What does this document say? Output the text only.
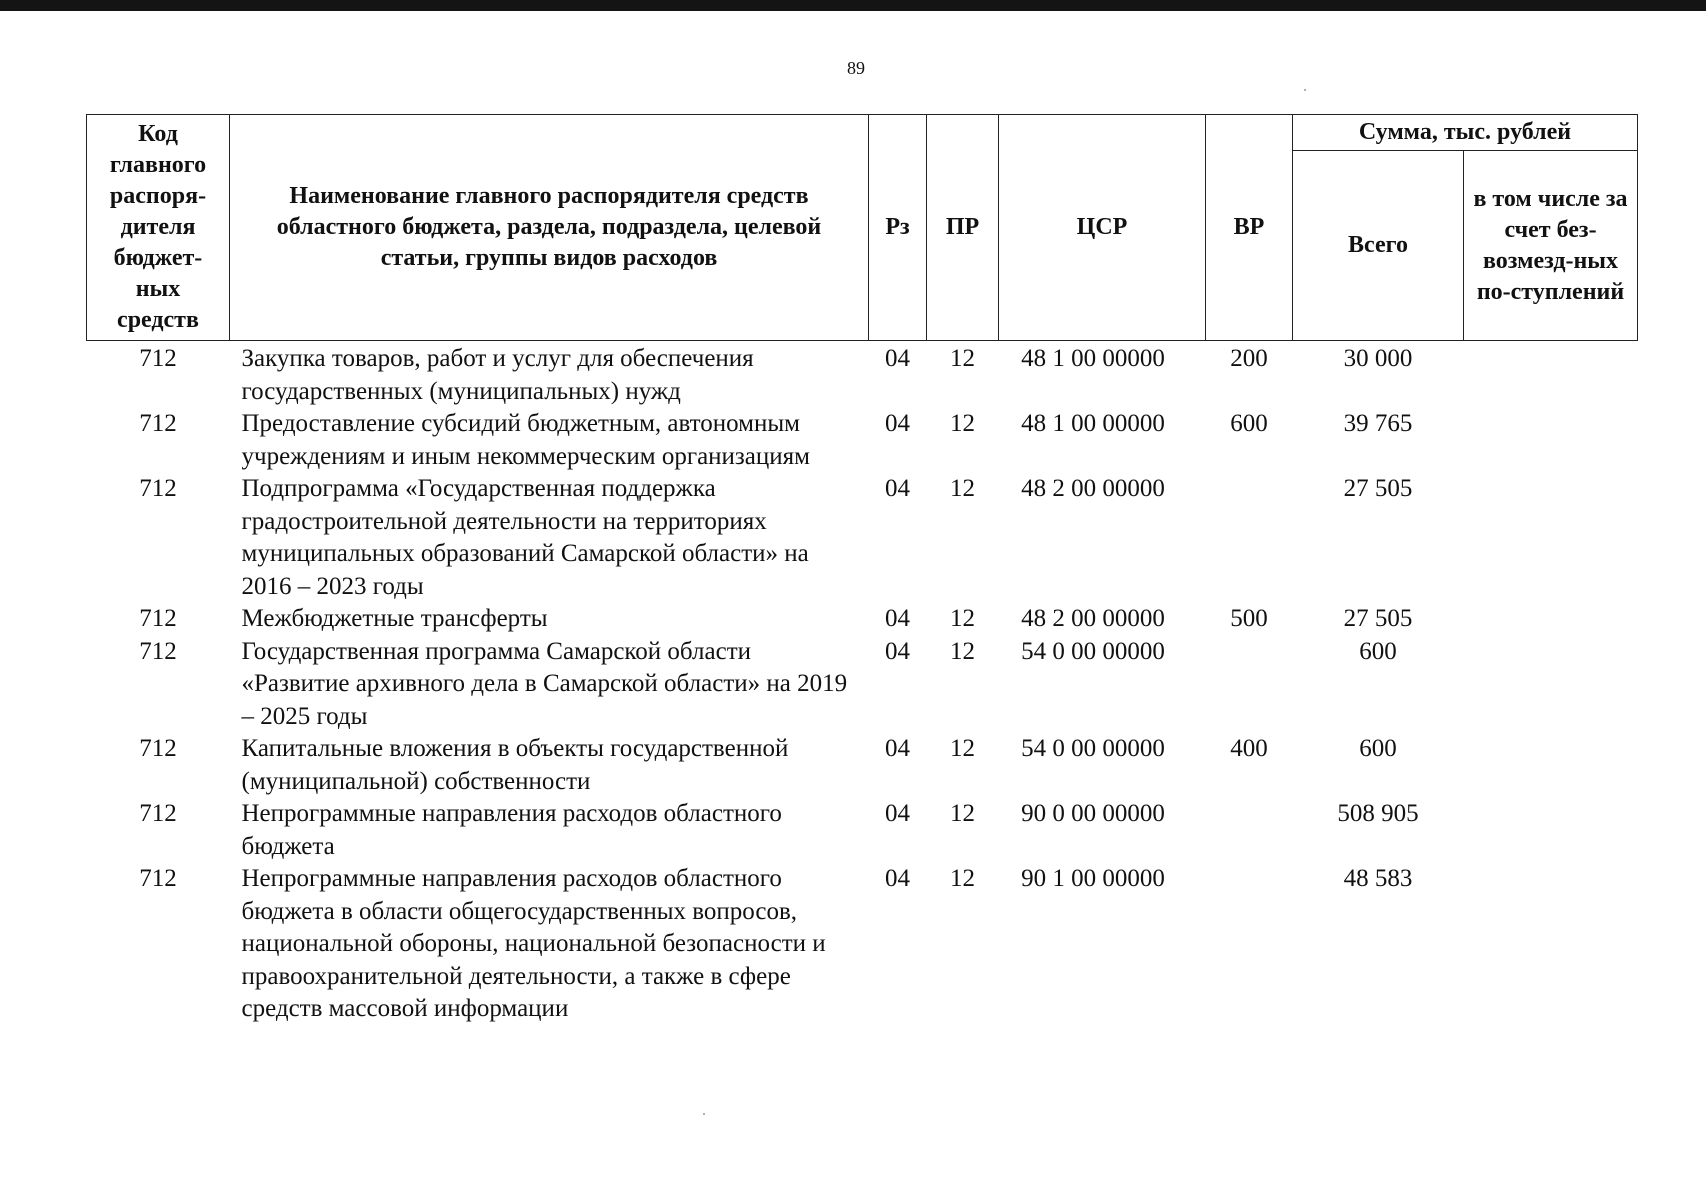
89
Код главного распоря-дителя бюджет-ных средств	Наименование главного распорядителя средств областного бюджета, раздела, подраздела, целевой статьи, группы видов расходов	Рз	ПР	ЦСР	ВР	Сумма, тыс. рублей	
						Всего	в том числе за счет без-возмезд-ных по-ступлений
712	Закупка товаров, работ и услуг для обеспечения государственных (муниципальных) нужд	04	12	48 1 00 00000	200	30 000	
712	Предоставление субсидий бюджетным, автономным учреждениям и иным некоммерческим организациям	04	12	48 1 00 00000	600	39 765	
712	Подпрограмма «Государственная поддержка градостроительной деятельности на территориях муниципальных образований Самарской области» на 2016 – 2023 годы	04	12	48 2 00 00000		27 505	
712	Межбюджетные трансферты	04	12	48 2 00 00000	500	27 505	
712	Государственная программа Самарской области «Развитие архивного дела в Самарской области» на 2019 – 2025 годы	04	12	54 0 00 00000		600	
712	Капитальные вложения в объекты государственной (муниципальной) собственности	04	12	54 0 00 00000	400	600	
712	Непрограммные направления расходов областного бюджета	04	12	90 0 00 00000		508 905	
712	Непрограммные направления расходов областного бюджета в области общегосударственных вопросов, национальной обороны, национальной безопасности и правоохранительной деятельности, а также в сфере средств массовой информации	04	12	90 1 00 00000		48 583	
